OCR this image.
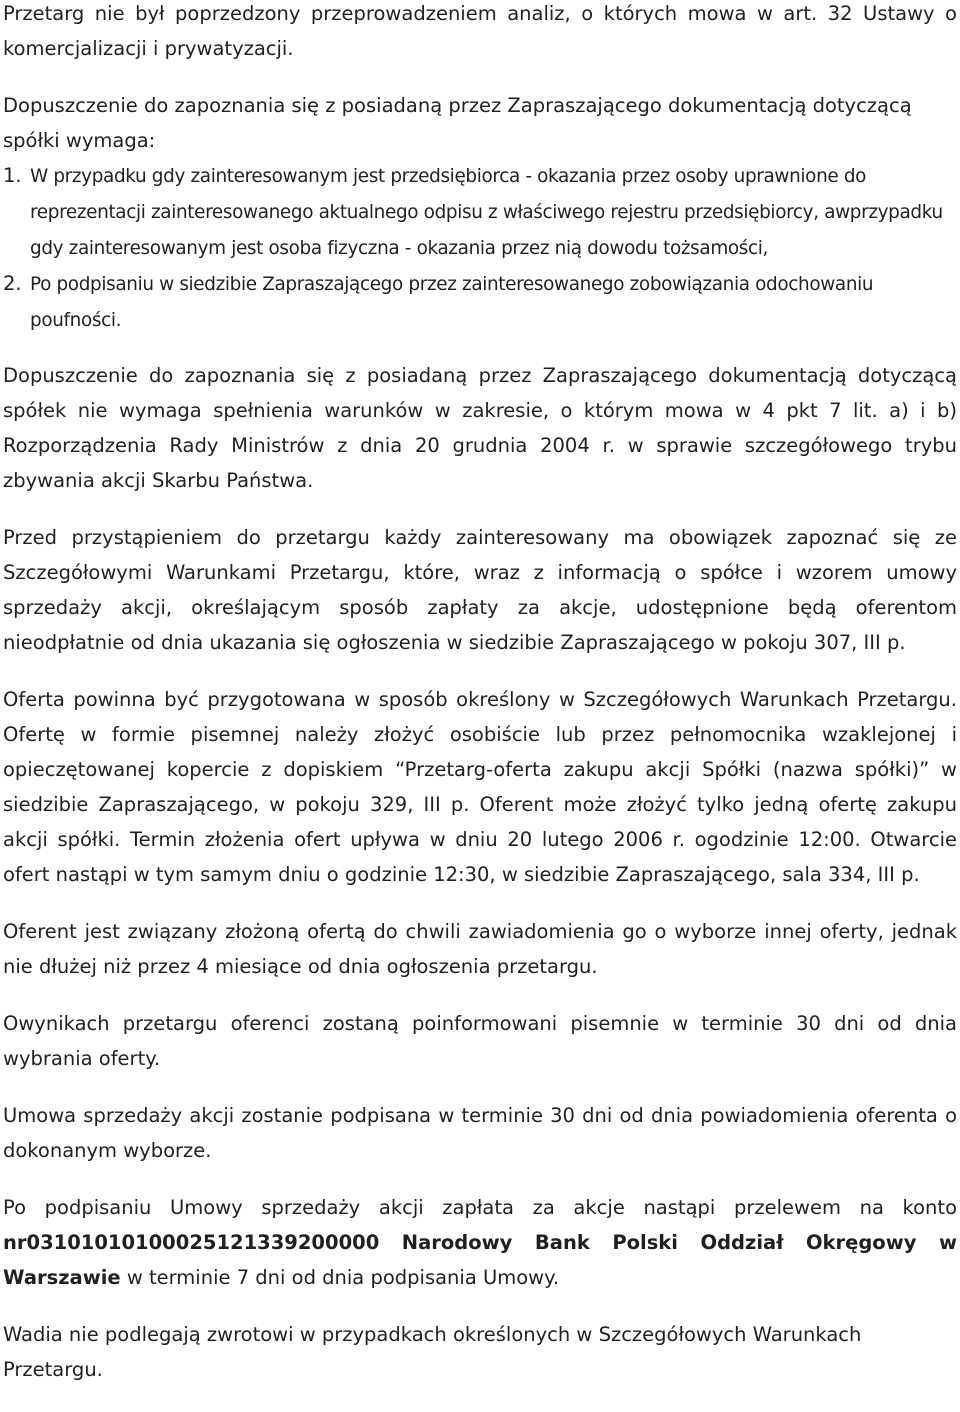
Przetarg nie był poprzedzony przeprowadzeniem analiz, o których mowa w art. 32 Ustawy o komercjalizacji i prywatyzacji.

Dopuszczenie do zapoznania się z posiadaną przez Zapraszającego dokumentacją dotyczącą spółki wymaga:

1. W przypadku gdy zainteresowanym jest przedsiębiorca - okazania przez osoby uprawnione do reprezentacji zainteresowanego aktualnego odpisu z właściwego rejestru przedsiębiorcy, awprzypadku gdy zainteresowanym jest osoba fizyczna - okazania przez nią dowodu tożsamości,
2. Po podpisaniu w siedzibie Zapraszającego przez zainteresowanego zobowiązania odochowaniu poufności.

Dopuszczenie do zapoznania się z posiadaną przez Zapraszającego dokumentacją dotyczącą spółek nie wymaga spełnienia warunków w zakresie, o którym mowa w 4 pkt 7 lit. a) i b) Rozporządzenia Rady Ministrów z dnia 20 grudnia 2004 r. w sprawie szczegółowego trybu zbywania akcji Skarbu Państwa.

Przed przystąpieniem do przetargu każdy zainteresowany ma obowiązek zapoznać się ze Szczegółowymi Warunkami Przetargu, które, wraz z informacją o spółce i wzorem umowy sprzedaży akcji, określającym sposób zapłaty za akcje, udostępnione będą oferentom nieodpłatnie od dnia ukazania się ogłoszenia w siedzibie Zapraszającego w pokoju 307, III p.

Oferta powinna być przygotowana w sposób określony w Szczegółowych Warunkach Przetargu. Ofertę w formie pisemnej należy złożyć osobiście lub przez pełnomocnika wzaklejonej i opieczętowanej kopercie z dopiskiem “Przetarg-oferta zakupu akcji Spółki (nazwa spółki)” w siedzibie Zapraszającego, w pokoju 329, III p. Oferent może złożyć tylko jedną ofertę zakupu akcji spółki. Termin złożenia ofert upływa w dniu 20 lutego 2006 r. ogodzinie 12:00. Otwarcie ofert nastąpi w tym samym dniu o godzinie 12:30, w siedzibie Zapraszającego, sala 334, III p.

Oferent jest związany złożoną ofertą do chwili zawiadomienia go o wyborze innej oferty, jednak nie dłużej niż przez 4 miesiące od dnia ogłoszenia przetargu.

Owynikach przetargu oferenci zostaną poinformowani pisemnie w terminie 30 dni od dnia wybrania oferty.

Umowa sprzedaży akcji zostanie podpisana w terminie 30 dni od dnia powiadomienia oferenta o dokonanym wyborze.

Po podpisaniu Umowy sprzedaży akcji zapłata za akcje nastąpi przelewem na konto nr03101010100025121339200000 Narodowy Bank Polski Oddział Okręgowy w Warszawie w terminie 7 dni od dnia podpisania Umowy.

Wadia nie podlegają zwrotowi w przypadkach określonych w Szczegółowych Warunkach Przetargu.
